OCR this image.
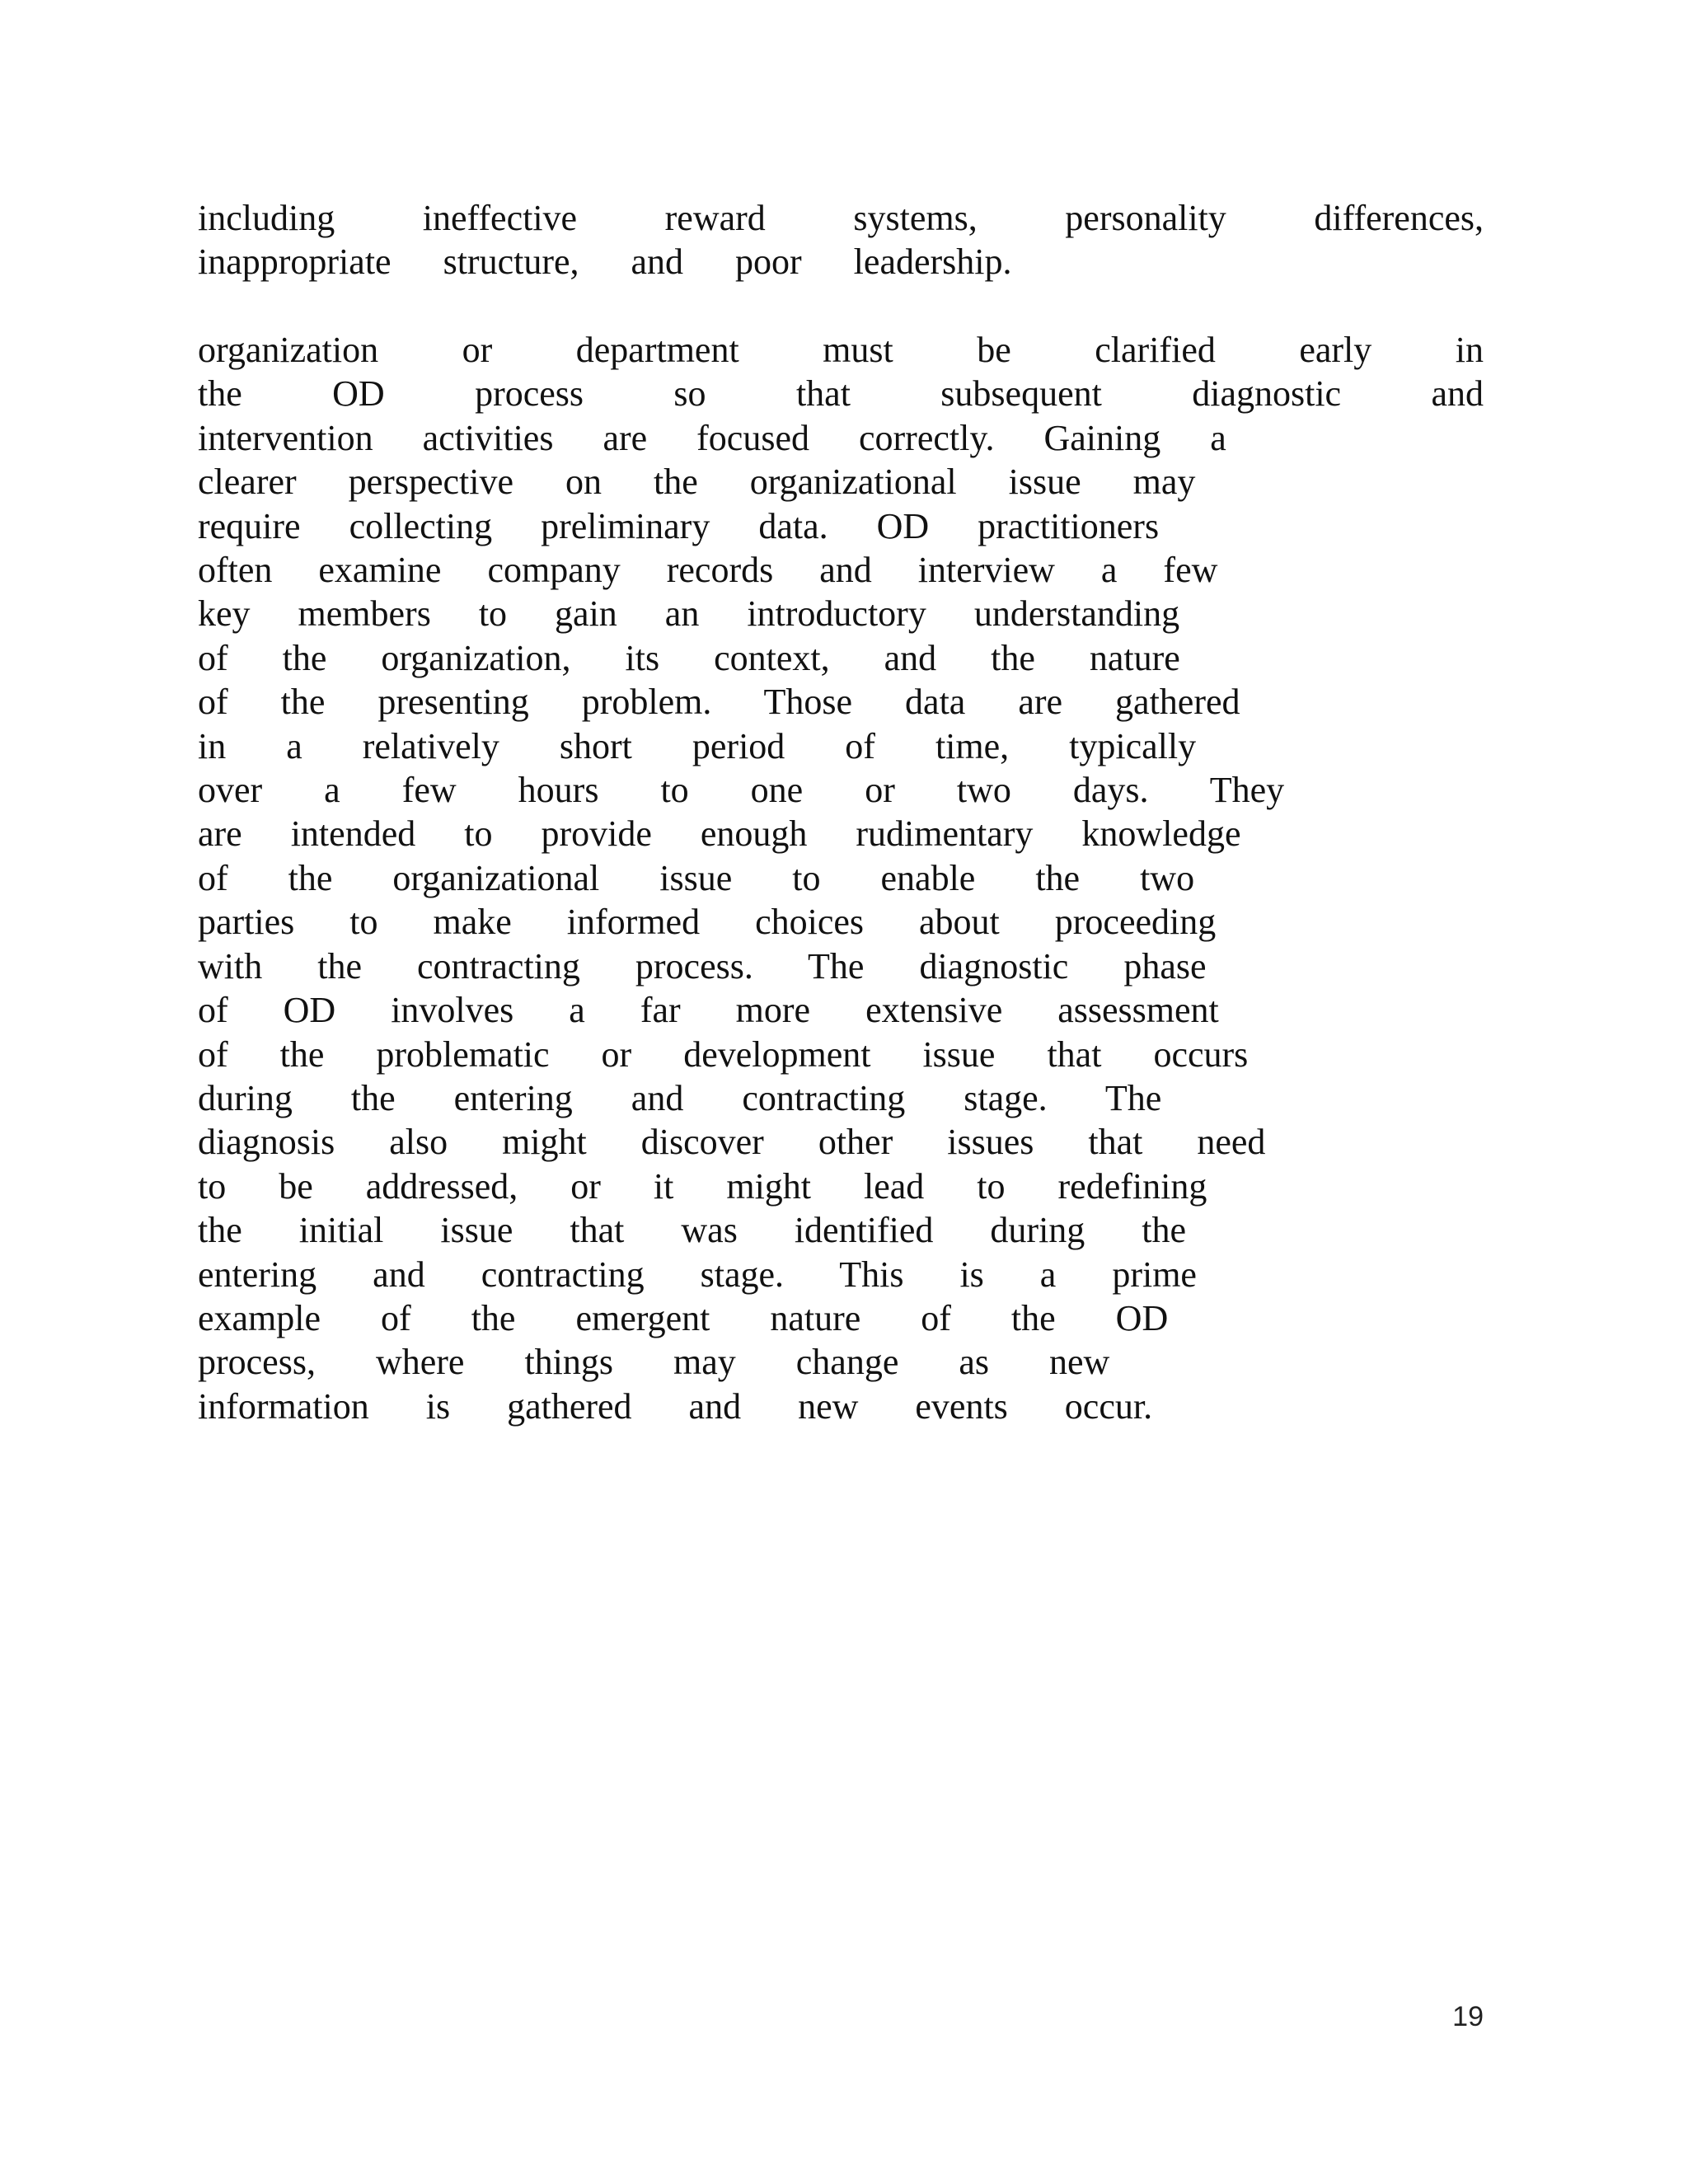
including ineffective reward systems, personality differences,
inappropriate structure, and poor leadership.
organization or department must be clarified early in
the OD process so that subsequent diagnostic and
intervention activities are focused correctly. Gaining a
clearer perspective on the organizational issue may
require collecting preliminary data. OD practitioners
often examine company records and interview a few
key members to gain an introductory understanding
of the organization, its context, and the nature
of the presenting problem. Those data are gathered
in a relatively short period of time, typically
over a few hours to one or two days. They
are intended to provide enough rudimentary knowledge
of the organizational issue to enable the two
parties to make informed choices about proceeding
with the contracting process. The diagnostic phase
of OD involves a far more extensive assessment
of the problematic or development issue that occurs
during the entering and contracting stage. The
diagnosis also might discover other issues that need
to be addressed, or it might lead to redefining
the initial issue that was identified during the
entering and contracting stage. This is a prime
example of the emergent nature of the OD
process, where things may change as new
information is gathered and new events occur.
19
